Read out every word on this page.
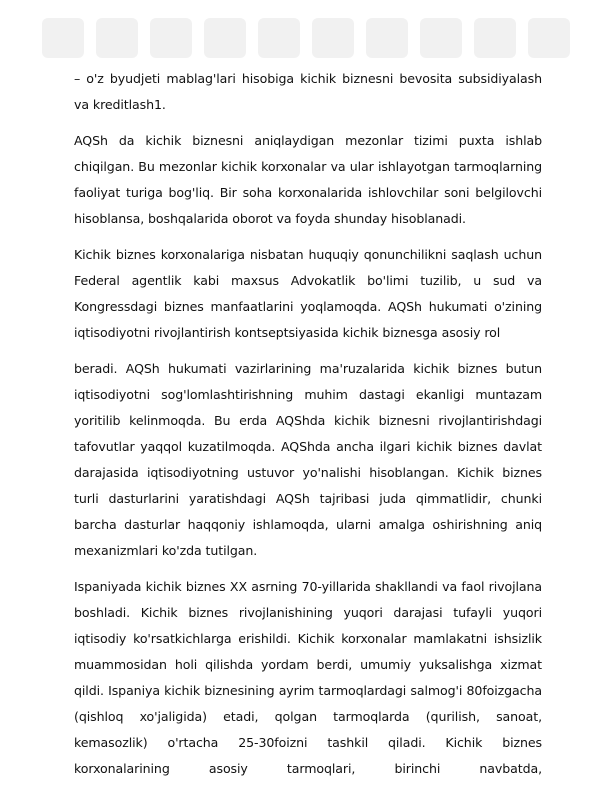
– o'z byudjeti mablag'lari hisobiga kichik biznesni bevosita subsidiyalash va kreditlash1.

AQSh da kichik biznesni aniqlaydigan mezonlar tizimi puxta ishlab chiqilgan. Bu mezonlar kichik korxonalar va ular ishlayotgan tarmoqlarning faoliyat turiga bog'liq. Bir soha korxonalarida ishlovchilar soni belgilovchi hisoblansa, boshqalarida oborot va foyda shunday hisoblanadi.

Kichik biznes korxonalariga nisbatan huquqiy qonunchilikni saqlash uchun Federal agentlik kabi maxsus Advokatlik bo'limi tuzilib, u sud va Kongressdagi biznes manfaatlarini yoqlamoqda. AQSh hukumati o'zining iqtisodiyotni rivojlantirish kontseptsiyasida kichik biznesga asosiy rol

beradi. AQSh hukumati vazirlarining ma'ruzalarida kichik biznes butun iqtisodiyotni sog'lomlashtirishning muhim dastagi ekanligi muntazam yoritilib kelinmoqda. Bu erda AQShda kichik biznesni rivojlantirishdagi tafovutlar yaqqol kuzatilmoqda. AQShda ancha ilgari kichik biznes davlat darajasida iqtisodiyotning ustuvor yo'nalishi hisoblangan. Kichik biznes turli dasturlarini yaratishdagi AQSh tajribasi juda qimmatlidir, chunki barcha dasturlar haqqoniy ishlamoqda, ularni amalga oshirishning aniq mexanizmlari ko'zda tutilgan.

Ispaniyada kichik biznes XX asrning 70-yillarida shakllandi va faol rivojlana boshladi. Kichik biznes rivojlanishining yuqori darajasi tufayli yuqori iqtisodiy ko'rsatkichlarga erishildi. Kichik korxonalar mamlakatni ishsizlik muammosidan holi qilishda yordam berdi, umumiy yuksalishga xizmat qildi. Ispaniya kichik biznesining ayrim tarmoqlardagi salmog'i 80foizgacha (qishloq xo'jaligida) etadi, qolgan tarmoqlarda (qurilish, sanoat, kemasozlik) o'rtacha 25-30foizni tashkil qiladi. Kichik biznes korxonalarining asosiy tarmoqlari, birinchi navbatda,
